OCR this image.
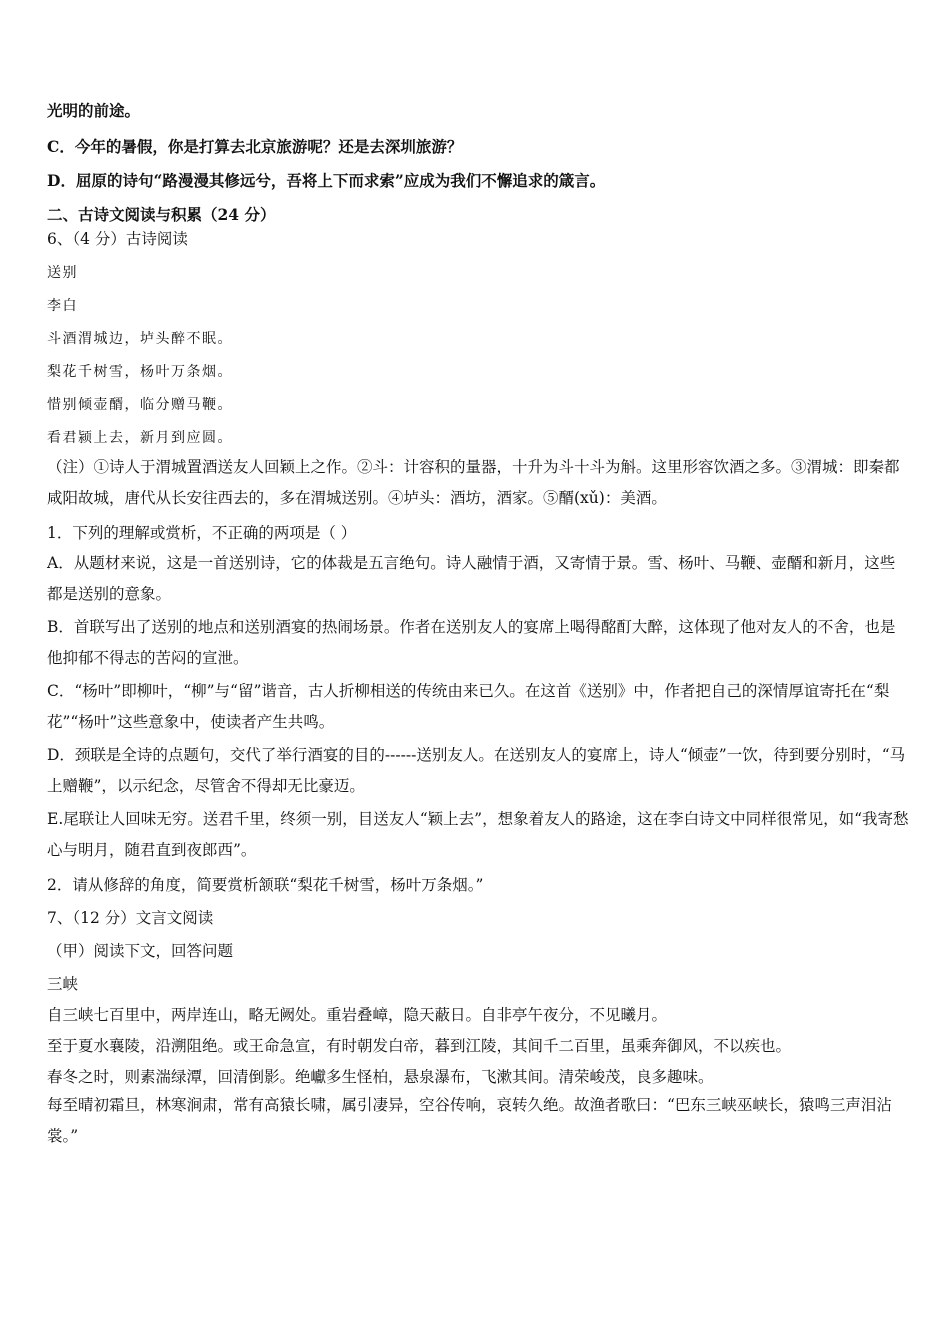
光明的前途。
C．今年的暑假，你是打算去北京旅游呢？还是去深圳旅游？
D．屈原的诗句“路漫漫其修远兮，吾将上下而求索”应成为我们不懈追求的箴言。
二、古诗文阅读与积累（24 分）
6、（4 分）古诗阅读
送别
李白
斗酒渭城边，垆头醉不眠。
梨花千树雪，杨叶万条烟。
惜别倾壶醑，临分赠马鞭。
看君颍上去，新月到应圆。
（注）①诗人于渭城置酒送友人回颖上之作。②斗：计容积的量器，十升为斗十斗为斛。这里形容饮酒之多。③渭城：即秦都咸阳故城，唐代从长安往西去的，多在渭城送别。④垆头：酒坊，酒家。⑤醑(xǔ)：美酒。
1．下列的理解或赏析，不正确的两项是（ ）
A．从题材来说，这是一首送别诗，它的体裁是五言绝句。诗人融情于酒，又寄情于景。雪、杨叶、马鞭、壶醑和新月，这些都是送别的意象。
B．首联写出了送别的地点和送别酒宴的热闹场景。作者在送别友人的宴席上喝得酩酊大醉，这体现了他对友人的不舍，也是他抑郁不得志的苦闷的宣泄。
C．“杨叶”即柳叶，“柳”与“留”谐音，古人折柳相送的传统由来已久。在这首《送别》中，作者把自己的深情厚谊寄托在“梨花”“杨叶”这些意象中，使读者产生共鸣。
D．颈联是全诗的点题句，交代了举行酒宴的目的------送别友人。在送别友人的宴席上，诗人“倾壶”一饮，待到要分别时，“马上赠鞭”，以示纪念，尽管舍不得却无比豪迈。
E.尾联让人回味无穷。送君千里，终须一别，目送友人“颖上去”，想象着友人的路途，这在李白诗文中同样很常见，如“我寄愁心与明月，随君直到夜郎西”。
2．请从修辞的角度，简要赏析颔联“梨花千树雪，杨叶万条烟。”
7、（12 分）文言文阅读
（甲）阅读下文，回答问题
三峡
自三峡七百里中，两岸连山，略无阙处。重岩叠嶂，隐天蔽日。自非亭午夜分，不见曦月。
至于夏水襄陵，沿溯阻绝。或王命急宣，有时朝发白帝，暮到江陵，其间千二百里，虽乘奔御风，不以疾也。
春冬之时，则素湍绿潭，回清倒影。绝巘多生怪柏，悬泉瀑布，飞漱其间。清荣峻茂，良多趣味。
每至晴初霜旦，林寒涧肃，常有高猿长啸，属引凄异，空谷传响，哀转久绝。故渔者歌曰：“巴东三峡巫峡长，猿鸣三声泪沾裳。”
